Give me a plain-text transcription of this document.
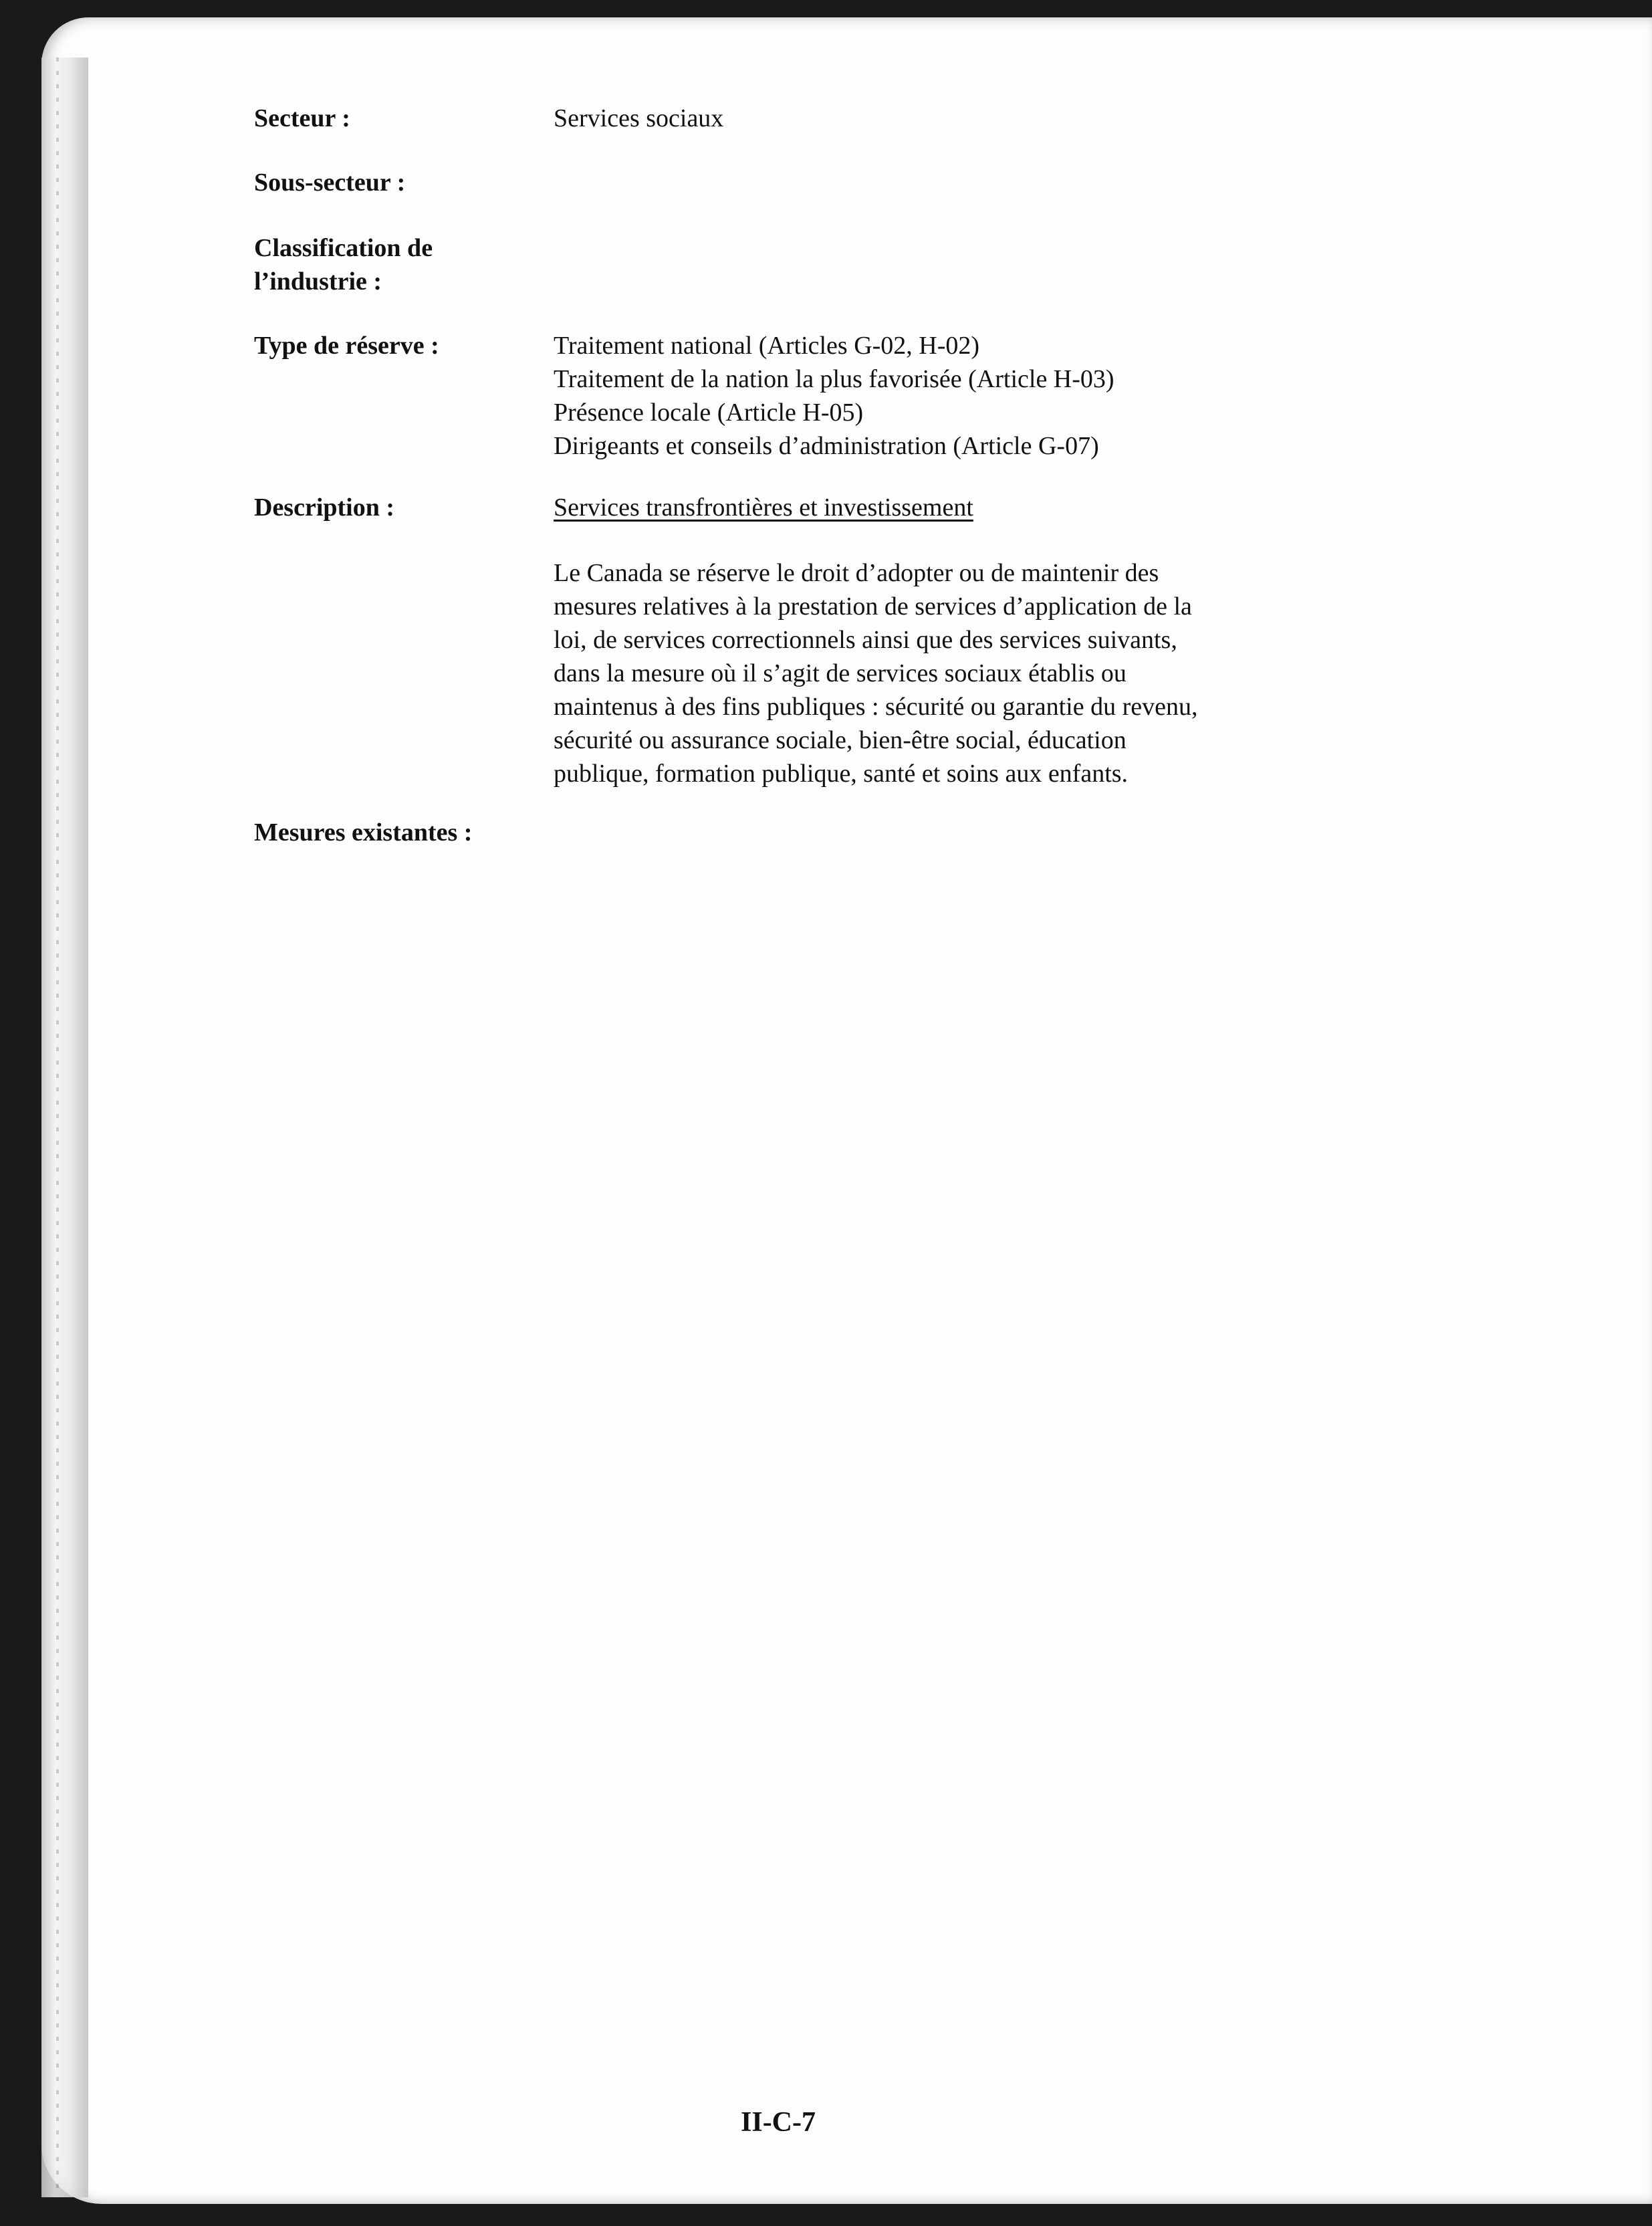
Secteur :	Services sociaux
Sous-secteur :
Classification de
l’industrie :
Type de réserve :	Traitement national (Articles G-02, H-02)
Traitement de la nation la plus favorisée (Article H-03)
Présence locale (Article H-05)
Dirigeants et conseils d’administration (Article G-07)
Description :	Services transfrontières et investissement
Le Canada se réserve le droit d’adopter ou de maintenir des
mesures relatives à la prestation de services d’application de la
loi, de services correctionnels ainsi que des services suivants,
dans la mesure où il s’agit de services sociaux établis ou
maintenus à des fins publiques : sécurité ou garantie du revenu,
sécurité ou assurance sociale, bien-être social, éducation
publique, formation publique, santé et soins aux enfants.
Mesures existantes :
II-C-7
